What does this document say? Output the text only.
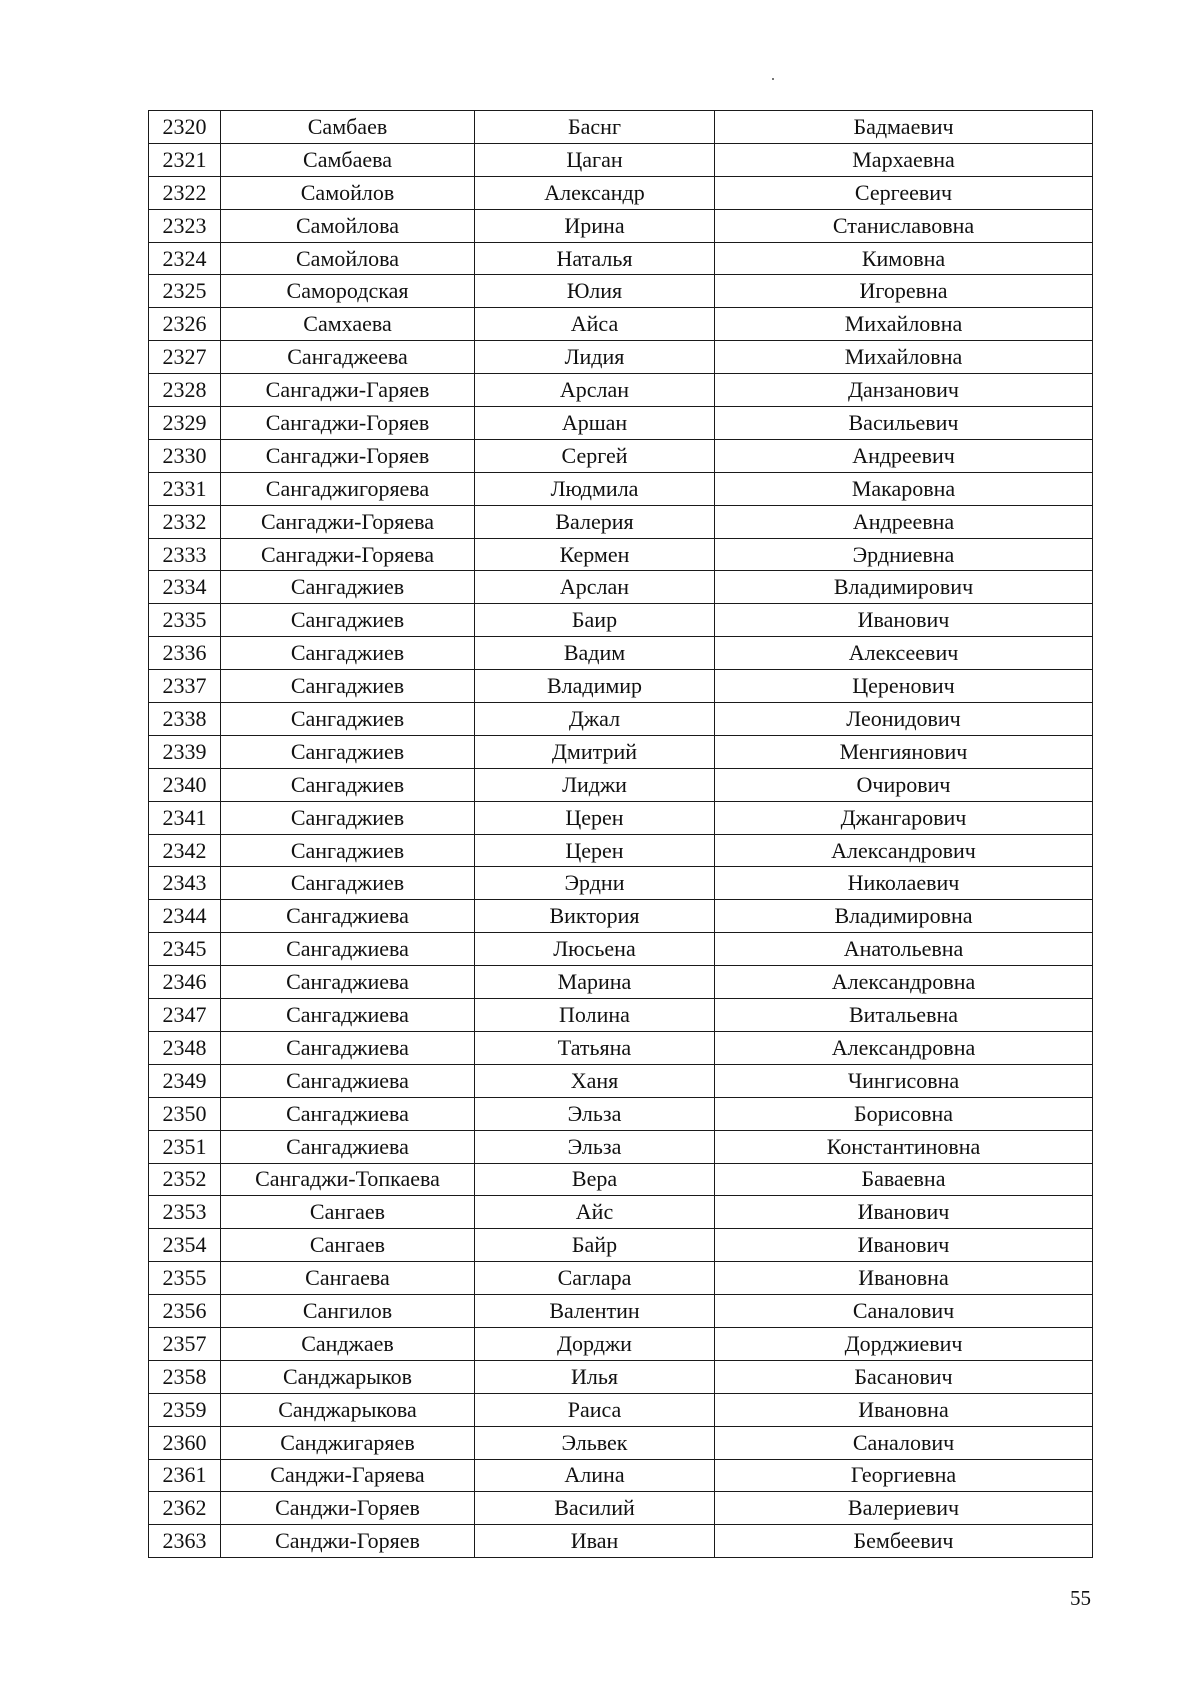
2320	Самбаев	Баснг	Бадмаевич
2321	Самбаева	Цаган	Мархаевна
2322	Самойлов	Александр	Сергеевич
2323	Самойлова	Ирина	Станиславовна
2324	Самойлова	Наталья	Кимовна
2325	Самородская	Юлия	Игоревна
2326	Самхаева	Айса	Михайловна
2327	Сангаджеева	Лидия	Михайловна
2328	Сангаджи-Гаряев	Арслан	Данзанович
2329	Сангаджи-Горяев	Аршан	Васильевич
2330	Сангаджи-Горяев	Сергей	Андреевич
2331	Сангаджигоряева	Людмила	Макаровна
2332	Сангаджи-Горяева	Валерия	Андреевна
2333	Сангаджи-Горяева	Кермен	Эрдниевна
2334	Сангаджиев	Арслан	Владимирович
2335	Сангаджиев	Баир	Иванович
2336	Сангаджиев	Вадим	Алексеевич
2337	Сангаджиев	Владимир	Церенович
2338	Сангаджиев	Джал	Леонидович
2339	Сангаджиев	Дмитрий	Менгиянович
2340	Сангаджиев	Лиджи	Очирович
2341	Сангаджиев	Церен	Джангарович
2342	Сангаджиев	Церен	Александрович
2343	Сангаджиев	Эрдни	Николаевич
2344	Сангаджиева	Виктория	Владимировна
2345	Сангаджиева	Люсьена	Анатольевна
2346	Сангаджиева	Марина	Александровна
2347	Сангаджиева	Полина	Витальевна
2348	Сангаджиева	Татьяна	Александровна
2349	Сангаджиева	Ханя	Чингисовна
2350	Сангаджиева	Эльза	Борисовна
2351	Сангаджиева	Эльза	Константиновна
2352	Сангаджи-Топкаева	Вера	Баваевна
2353	Сангаев	Айс	Иванович
2354	Сангаев	Байр	Иванович
2355	Сангаева	Саглара	Ивановна
2356	Сангилов	Валентин	Саналович
2357	Санджаев	Дорджи	Дорджиевич
2358	Санджарыков	Илья	Басанович
2359	Санджарыкова	Раиса	Ивановна
2360	Санджигаряев	Эльвек	Саналович
2361	Санджи-Гаряева	Алина	Георгиевна
2362	Санджи-Горяев	Василий	Валериевич
2363	Санджи-Горяев	Иван	Бембеевич
55
